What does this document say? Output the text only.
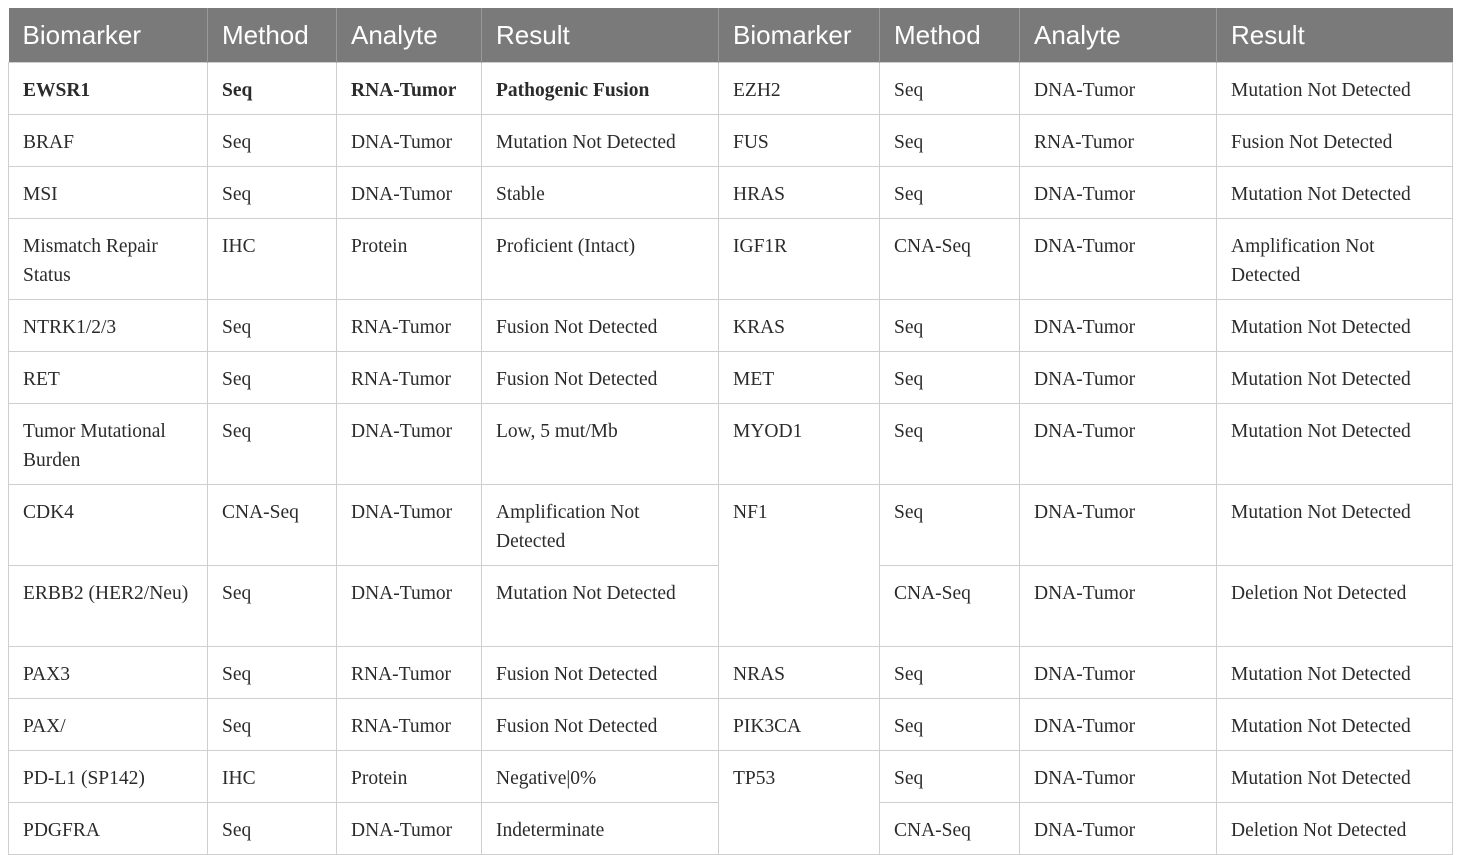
Biomarker	Method	Analyte	Result	Biomarker	Method	Analyte	Result
EWSR1	Seq	RNA-Tumor	Pathogenic Fusion	EZH2	Seq	DNA-Tumor	Mutation Not Detected
BRAF	Seq	DNA-Tumor	Mutation Not Detected	FUS	Seq	RNA-Tumor	Fusion Not Detected
MSI	Seq	DNA-Tumor	Stable	HRAS	Seq	DNA-Tumor	Mutation Not Detected
Mismatch Repair Status	IHC	Protein	Proficient (Intact)	IGF1R	CNA-Seq	DNA-Tumor	Amplification Not Detected
NTRK1/2/3	Seq	RNA-Tumor	Fusion Not Detected	KRAS	Seq	DNA-Tumor	Mutation Not Detected
RET	Seq	RNA-Tumor	Fusion Not Detected	MET	Seq	DNA-Tumor	Mutation Not Detected
Tumor Mutational Burden	Seq	DNA-Tumor	Low, 5 mut/Mb	MYOD1	Seq	DNA-Tumor	Mutation Not Detected
CDK4	CNA-Seq	DNA-Tumor	Amplification Not Detected	NF1	Seq	DNA-Tumor	Mutation Not Detected
ERBB2 (HER2/Neu)	Seq	DNA-Tumor	Mutation Not Detected		CNA-Seq	DNA-Tumor	Deletion Not Detected
PAX3	Seq	RNA-Tumor	Fusion Not Detected	NRAS	Seq	DNA-Tumor	Mutation Not Detected
PAX/	Seq	RNA-Tumor	Fusion Not Detected	PIK3CA	Seq	DNA-Tumor	Mutation Not Detected
PD-L1 (SP142)	IHC	Protein	Negative|0%	TP53	Seq	DNA-Tumor	Mutation Not Detected
PDGFRA	Seq	DNA-Tumor	Indeterminate		CNA-Seq	DNA-Tumor	Deletion Not Detected
